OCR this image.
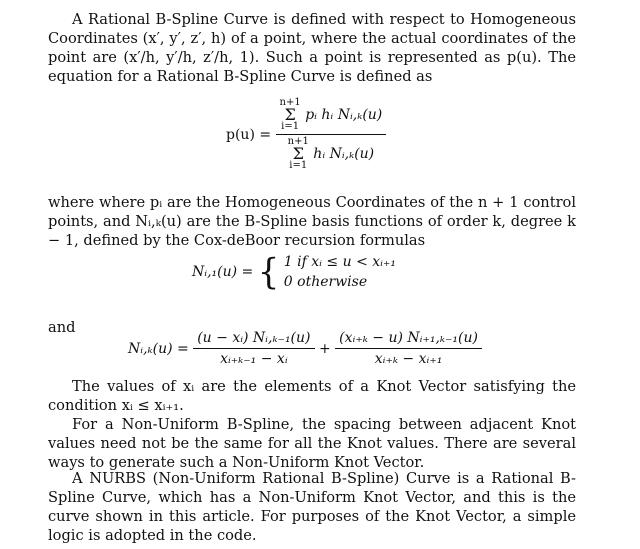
A Rational B-Spline Curve is defined with respect to Homogeneous Coordinates (x′, y′, z′, h) of a point, where the actual coordinates of the point are (x′/h, y′/h, z′/h, 1). Such a point is represented as p(u). The equation for a Rational B-Spline Curve is defined as

p(u) = n+1
Σ
i=1 pᵢ hᵢ Nᵢ,ₖ(u)
n+1
Σ
i=1 hᵢ Nᵢ,ₖ(u)

where where pᵢ are the Homogeneous Coordinates of the n + 1 control points, and Nᵢ,ₖ(u) are the B-Spline basis functions of order k, degree k − 1, defined by the Cox-deBoor recursion formulas

Nᵢ,₁(u) = { 1 if xᵢ ≤ u < xᵢ₊₁
0 otherwise
and
Nᵢ,ₖ(u) = $\frac{\text{(u − xᵢ) Nᵢ,ₖ₋₁(u)}}{\text{xᵢ₊ₖ₋₁ − xᵢ}} + \frac{\text{(xᵢ₊ₖ − u) Nᵢ₊₁,ₖ₋₁(u)}}{\text{xᵢ₊ₖ − xᵢ₊₁}}$

The values of xᵢ are the elements of a Knot Vector satisfying the condition xᵢ ≤ xᵢ₊₁.

For a Non-Uniform B-Spline, the spacing between adjacent Knot values need not be the same for all the Knot values. There are several ways to generate such a Non-Uniform Knot Vector.

A NURBS (Non-Uniform Rational B-Spline) Curve is a Rational B-Spline Curve, which has a Non-Uniform Knot Vector, and this is the curve shown in this article. For purposes of the Knot Vector, a simple logic is adopted in the code.
